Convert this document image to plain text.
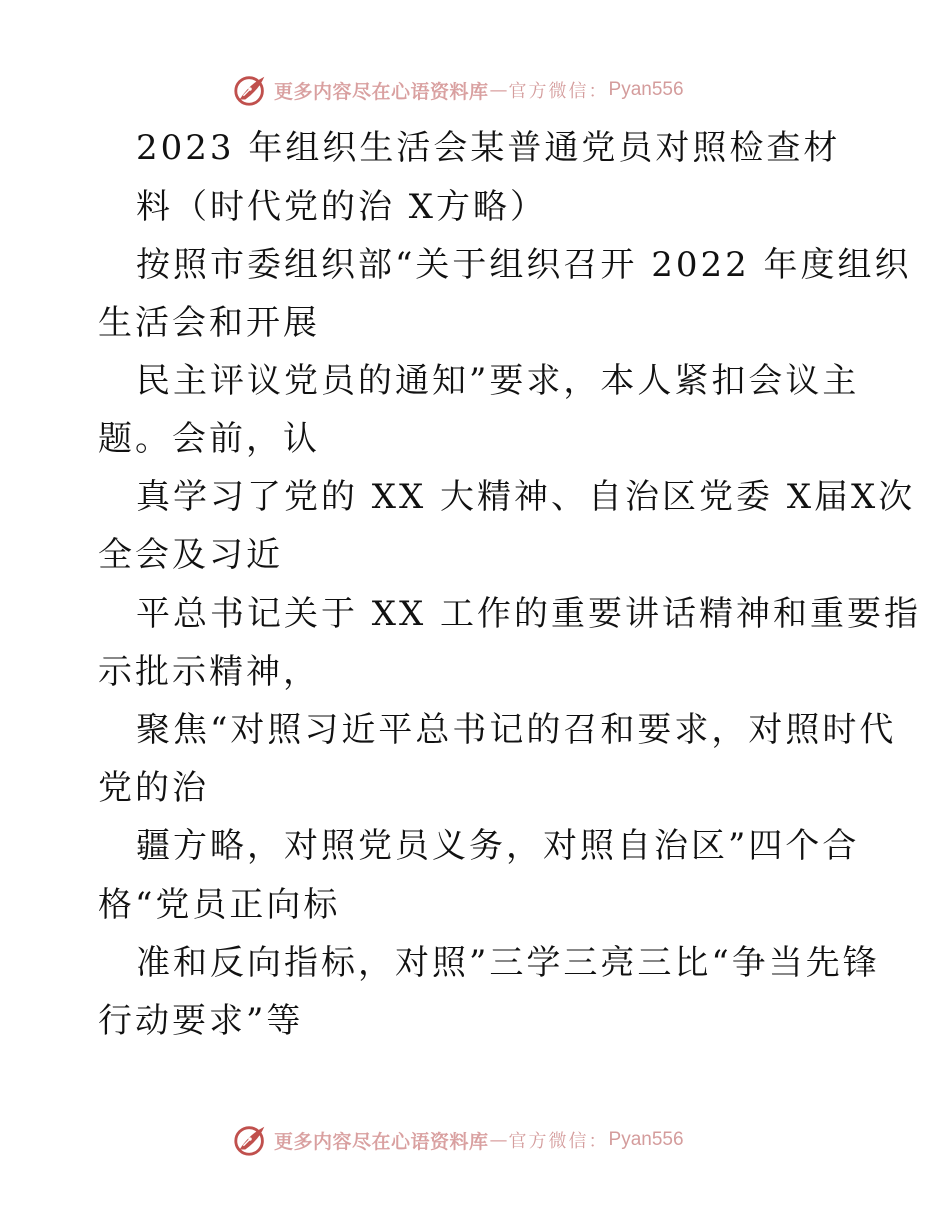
更多内容尽在心语资料库 — 官方微信： Pyan556
2023 年组织生活会某普通党员对照检查材
料（时代党的治 X方略）
按照市委组织部“关于组织召开 2022 年度组织
生活会和开展
民主评议党员的通知”要求，本人紧扣会议主
题。会前，认
真学习了党的 XX 大精神、自治区党委 X届X次
全会及习近
平总书记关于 XX 工作的重要讲话精神和重要指
示批示精神，
聚焦“对照习近平总书记的召和要求，对照时代
党的治
疆方略，对照党员义务，对照自治区”四个合
格“党员正向标
准和反向指标，对照”三学三亮三比“争当先锋
行动要求”等
更多内容尽在心语资料库 — 官方微信： Pyan556
